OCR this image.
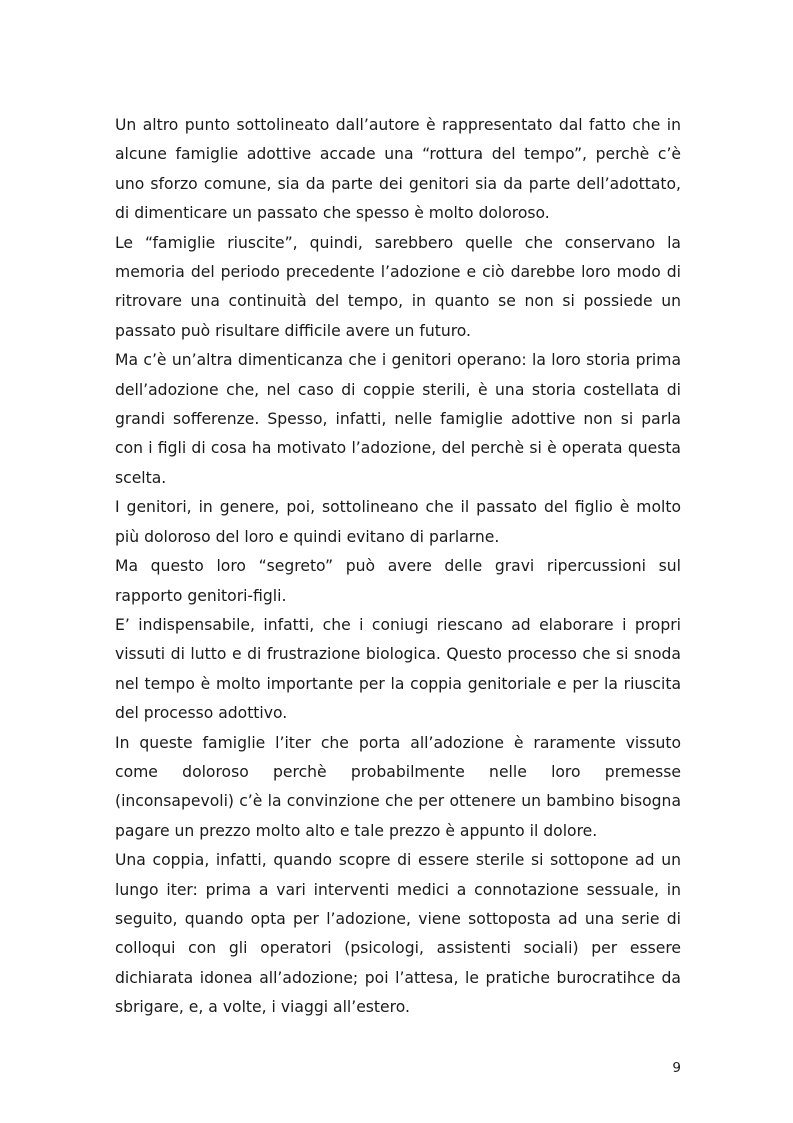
Un altro punto sottolineato dall’autore è rappresentato dal fatto che in alcune famiglie adottive accade una “rottura del tempo”, perchè c’è uno sforzo comune, sia da parte dei genitori sia da parte dell’adottato, di dimenticare un passato che spesso è molto doloroso.

Le “famiglie riuscite”, quindi, sarebbero quelle che conservano la memoria del periodo precedente l’adozione e ciò darebbe loro modo di ritrovare una continuità del tempo, in quanto se non si possiede un passato può risultare difficile avere un futuro.

Ma c’è un’altra dimenticanza che i genitori operano: la loro storia prima dell’adozione che, nel caso di coppie sterili, è una storia costellata di grandi sofferenze. Spesso, infatti, nelle famiglie adottive non si parla con i figli di cosa ha motivato l’adozione, del perchè si è operata questa scelta.

I genitori, in genere, poi, sottolineano che il passato del figlio è molto più doloroso del loro e quindi evitano di parlarne.

Ma questo loro “segreto” può avere delle gravi ripercussioni sul rapporto genitori-figli.

E’ indispensabile, infatti, che i coniugi riescano ad elaborare i propri vissuti di lutto e di frustrazione biologica. Questo processo che si snoda nel tempo è molto importante per la coppia genitoriale e per la riuscita del processo adottivo.

In queste famiglie l’iter che porta all’adozione è raramente vissuto come doloroso perchè probabilmente nelle loro premesse (inconsapevoli) c’è la convinzione che per ottenere un bambino bisogna pagare un prezzo molto alto e tale prezzo è appunto il dolore.

Una coppia, infatti, quando scopre di essere sterile si sottopone ad un lungo iter: prima a vari interventi medici a connotazione sessuale, in seguito, quando opta per l’adozione, viene sottoposta ad una serie di colloqui con gli operatori (psicologi, assistenti sociali) per essere dichiarata idonea all’adozione; poi l’attesa, le pratiche burocratihce da sbrigare, e, a volte, i viaggi all’estero.

9
